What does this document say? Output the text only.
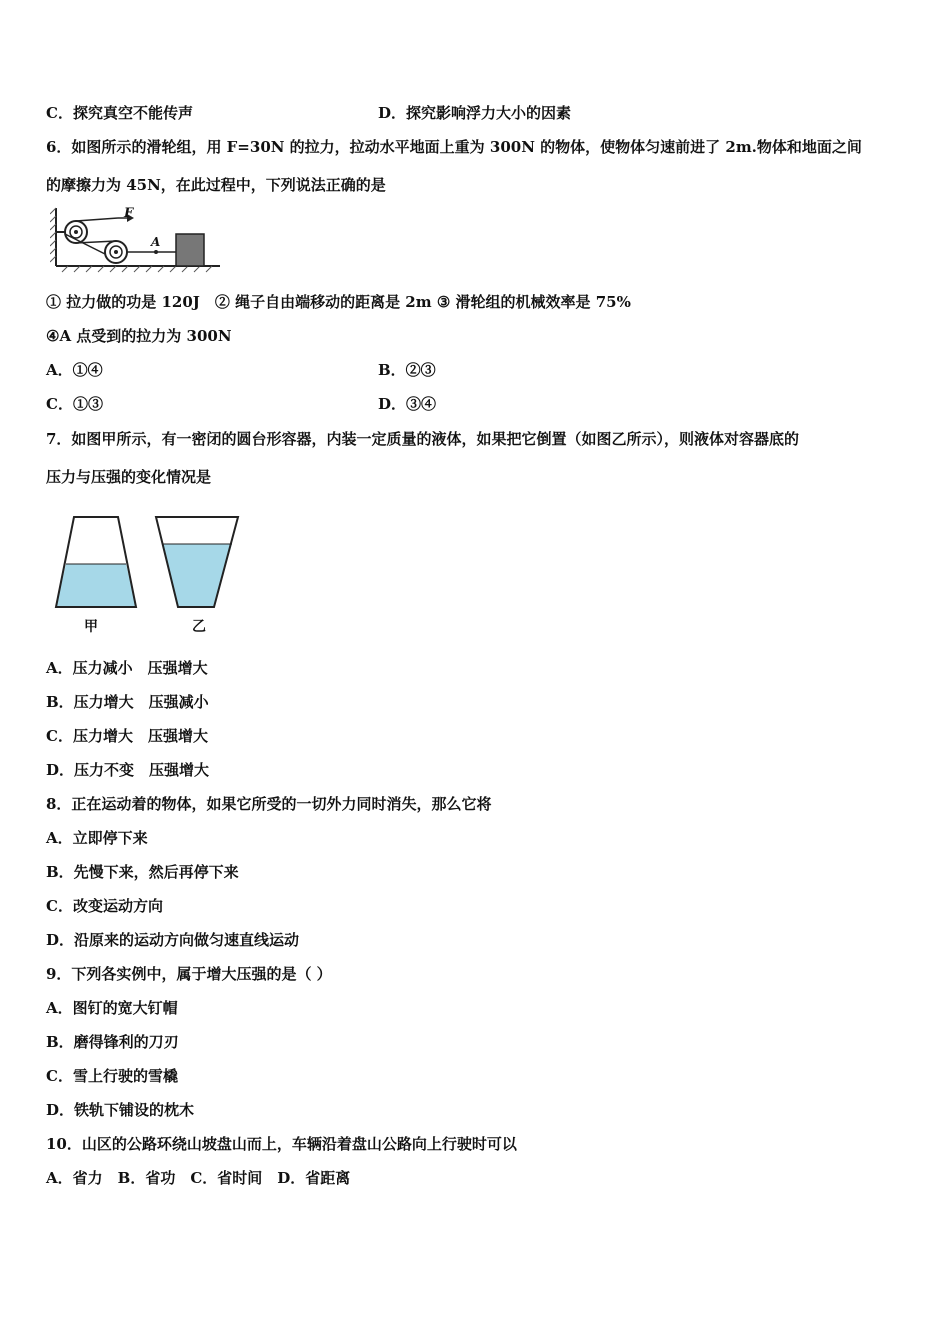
C．探究真空不能传声	D．探究影响浮力大小的因素
6．如图所示的滑轮组，用 F=30N 的拉力，拉动水平地面上重为 300N 的物体，使物体匀速前进了 2m.物体和地面之间
的摩擦力为 45N，在此过程中，下列说法正确的是
F
A
① 拉力做的功是 120J　② 绳子自由端移动的距离是 2m ③ 滑轮组的机械效率是 75%
④A 点受到的拉力为 300N
A．①④	B．②③
C．①③	D．③④
7．如图甲所示，有一密闭的圆台形容器，内装一定质量的液体，如果把它倒置（如图乙所示），则液体对容器底的
压力与压强的变化情况是
甲	乙
A．压力减小　压强增大
B．压力增大　压强减小
C．压力增大　压强增大
D．压力不变　压强增大
8．正在运动着的物体，如果它所受的一切外力同时消失，那么它将
A．立即停下来
B．先慢下来，然后再停下来
C．改变运动方向
D．沿原来的运动方向做匀速直线运动
9．下列各实例中，属于增大压强的是（ ）
A．图钉的宽大钉帽
B．磨得锋利的刀刃
C．雪上行驶的雪橇
D．铁轨下铺设的枕木
10．山区的公路环绕山坡盘山而上，车辆沿着盘山公路向上行驶时可以
A．省力　B．省功　C．省时间　D．省距离
